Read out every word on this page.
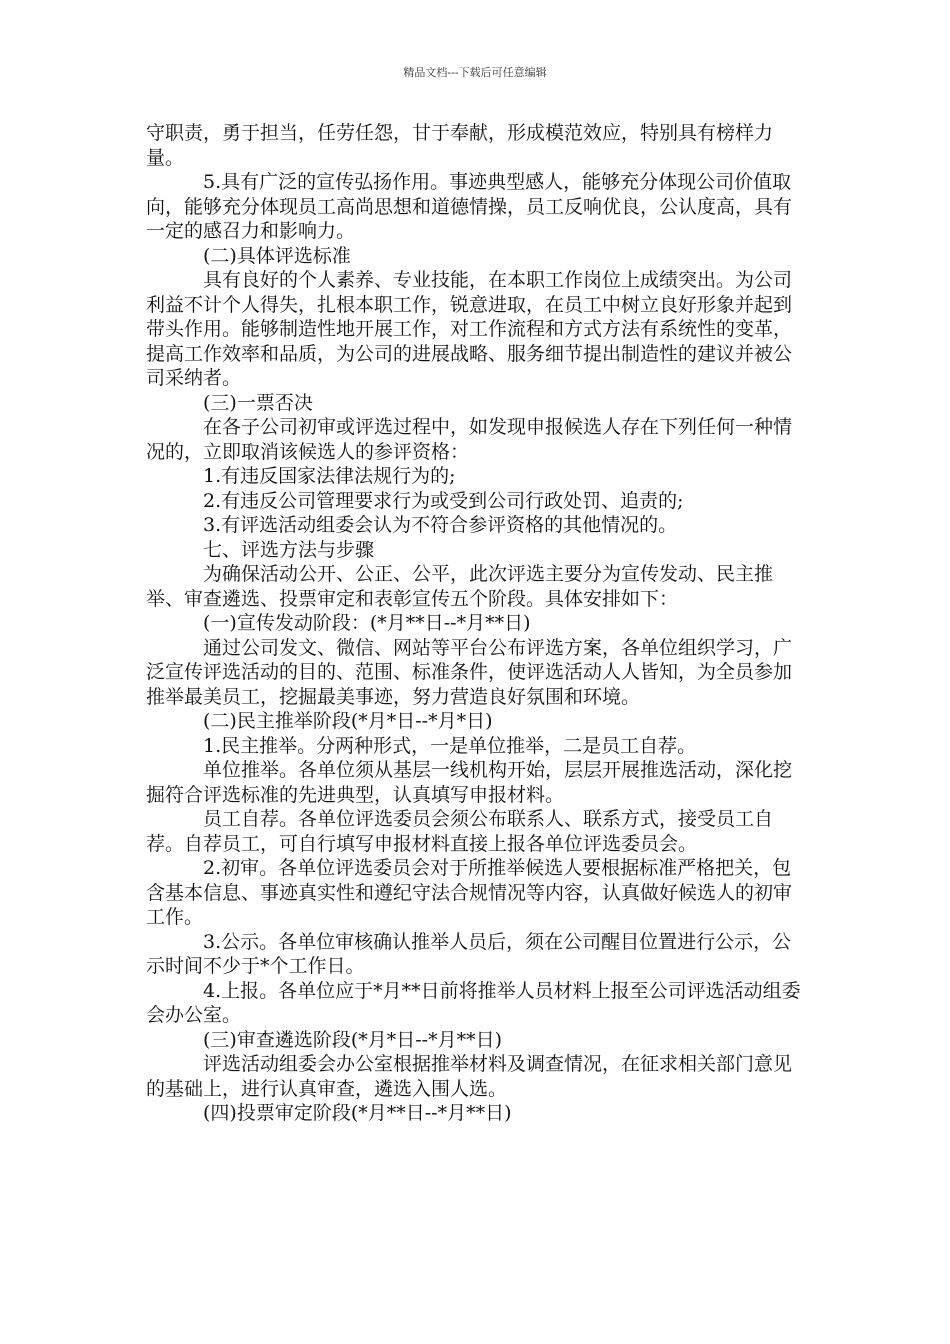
精品文档---下载后可任意编辑

守职责，勇于担当，任劳任怨，甘于奉献，形成模范效应，特别具有榜样力量。

5.具有广泛的宣传弘扬作用。事迹典型感人，能够充分体现公司价值取向，能够充分体现员工高尚思想和道德情操，员工反响优良，公认度高，具有一定的感召力和影响力。

(二)具体评选标准

具有良好的个人素养、专业技能，在本职工作岗位上成绩突出。为公司利益不计个人得失，扎根本职工作，锐意进取，在员工中树立良好形象并起到带头作用。能够制造性地开展工作，对工作流程和方式方法有系统性的变革，提高工作效率和品质，为公司的进展战略、服务细节提出制造性的建议并被公司采纳者。

(三)一票否决

在各子公司初审或评选过程中，如发现申报候选人存在下列任何一种情况的，立即取消该候选人的参评资格：

1.有违反国家法律法规行为的;

2.有违反公司管理要求行为或受到公司行政处罚、追责的;

3.有评选活动组委会认为不符合参评资格的其他情况的。

七、评选方法与步骤

为确保活动公开、公正、公平，此次评选主要分为宣传发动、民主推举、审查遴选、投票审定和表彰宣传五个阶段。具体安排如下：

(一)宣传发动阶段：(*月**日--*月**日)

通过公司发文、微信、网站等平台公布评选方案，各单位组织学习，广泛宣传评选活动的目的、范围、标准条件，使评选活动人人皆知，为全员参加推举最美员工，挖掘最美事迹，努力营造良好氛围和环境。

(二)民主推举阶段(*月*日--*月*日)

1.民主推举。分两种形式，一是单位推举，二是员工自荐。

单位推举。各单位须从基层一线机构开始，层层开展推选活动，深化挖掘符合评选标准的先进典型，认真填写申报材料。

员工自荐。各单位评选委员会须公布联系人、联系方式，接受员工自荐。自荐员工，可自行填写申报材料直接上报各单位评选委员会。

2.初审。各单位评选委员会对于所推举候选人要根据标准严格把关，包含基本信息、事迹真实性和遵纪守法合规情况等内容，认真做好候选人的初审工作。

3.公示。各单位审核确认推举人员后，须在公司醒目位置进行公示，公示时间不少于*个工作日。

4.上报。各单位应于*月**日前将推举人员材料上报至公司评选活动组委会办公室。

(三)审查遴选阶段(*月*日--*月**日)

评选活动组委会办公室根据推举材料及调查情况，在征求相关部门意见的基础上，进行认真审查，遴选入围人选。

(四)投票审定阶段(*月**日--*月**日)
